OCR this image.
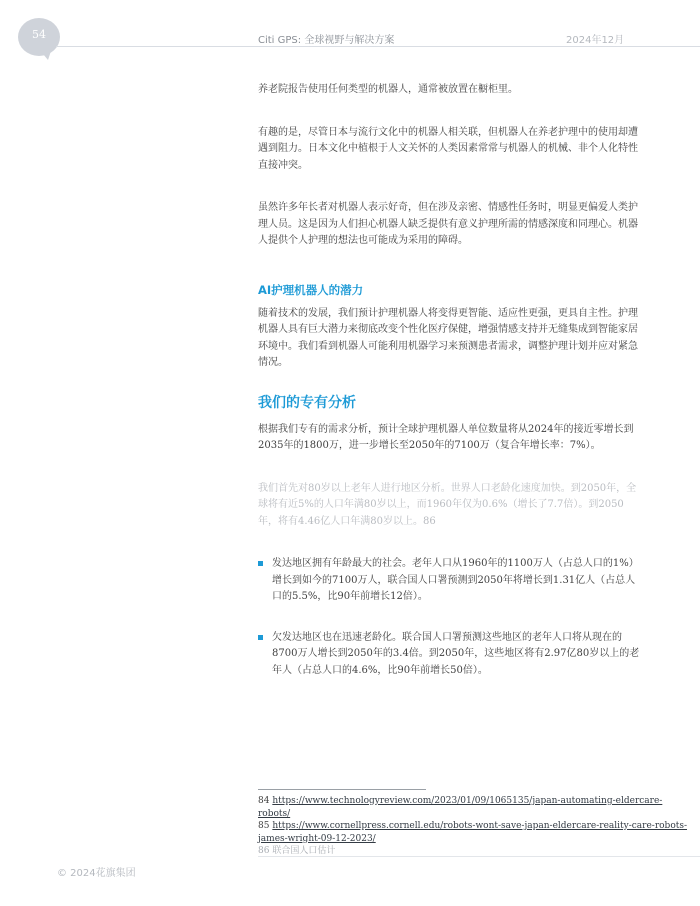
54	Citi GPS: 全球视野与解决方案	2024年12月

养老院报告使用任何类型的机器人，通常被放置在橱柜里。

有趣的是，尽管日本与流行文化中的机器人相关联，但机器人在养老护理中的使用却遭遇到阻力。日本文化中植根于人文关怀的人类因素常常与机器人的机械、非个人化特性直接冲突。

虽然许多年长者对机器人表示好奇，但在涉及亲密、情感性任务时，明显更偏爱人类护理人员。这是因为人们担心机器人缺乏提供有意义护理所需的情感深度和同理心。机器人提供个人护理的想法也可能成为采用的障碍。

AI护理机器人的潜力

随着技术的发展，我们预计护理机器人将变得更智能、适应性更强，更具自主性。护理机器人具有巨大潜力来彻底改变个性化医疗保健，增强情感支持并无缝集成到智能家居环境中。我们看到机器人可能利用机器学习来预测患者需求，调整护理计划并应对紧急情况。

我们的专有分析

根据我们专有的需求分析，预计全球护理机器人单位数量将从2024年的接近零增长到2035年的1800万，进一步增长至2050年的7100万（复合年增长率：7%）。

我们首先对80岁以上老年人进行地区分析。世界人口老龄化速度加快。到2050年，全球将有近5%的人口年满80岁以上，而1960年仅为0.6%（增长了7.7倍）。到2050年，将有4.46亿人口年满80岁以上。86

发达地区拥有年龄最大的社会。老年人口从1960年的1100万人（占总人口的1%）增长到如今的7100万人，联合国人口署预测到2050年将增长到1.31亿人（占总人口的5.5%，比90年前增长12倍）。
欠发达地区也在迅速老龄化。联合国人口署预测这些地区的老年人口将从现在的8700万人增长到2050年的3.4倍。到2050年，这些地区将有2.97亿80岁以上的老年人（占总人口的4.6%，比90年前增长50倍）。

84 https://www.technologyreview.com/2023/01/09/1065135/japan-automating-eldercare-robots/

85 https://www.cornellpress.cornell.edu/robots-wont-save-japan-eldercare-reality-care-robots-james-wright-09-12-2023/

86 联合国人口估计

© 2024花旗集团
